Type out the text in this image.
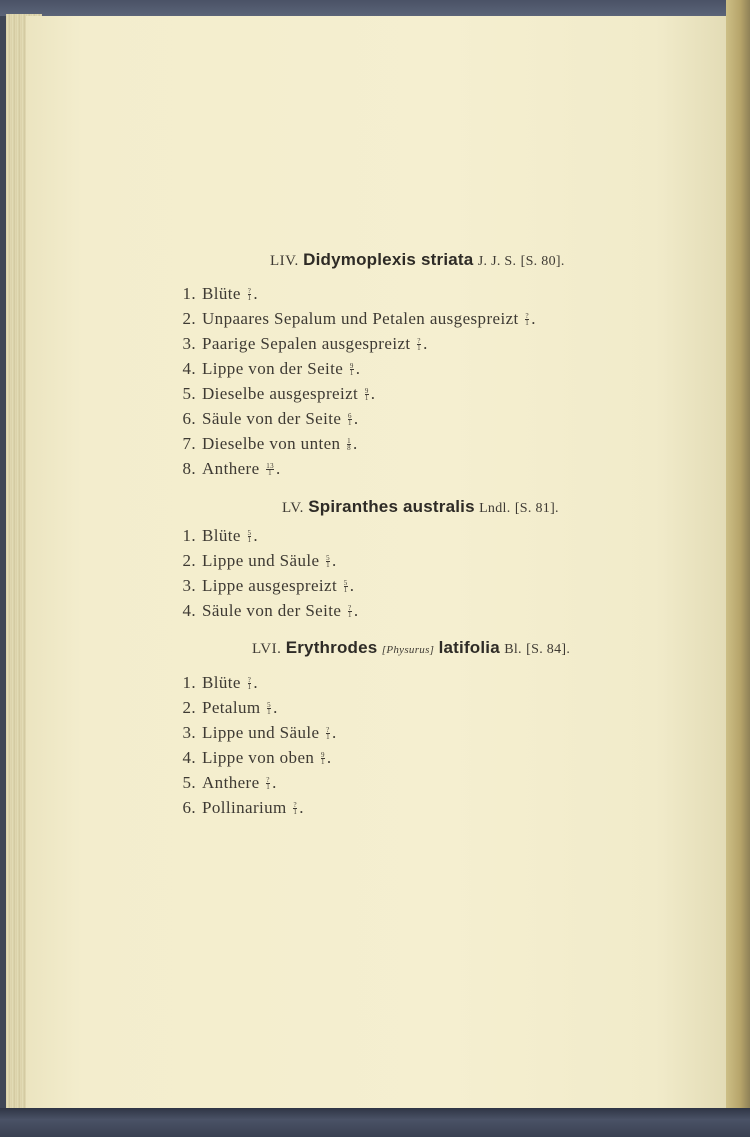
LIV. Didymoplexis striata J. J. S. [S. 80].
1. Blüte $\frac{?}{1}$ .
2. Unpaares Sepalum und Petalen ausgespreizt $\frac{?}{1}$ .
3. Paarige Sepalen ausgespreizt $\frac{?}{1}$ .
4. Lippe von der Seite $\frac{9}{1}$ .
5. Dieselbe ausgespreizt $\frac{9}{1}$ .
6. Säule von der Seite $\frac{6}{1}$ .
7. Dieselbe von unten $\frac{1}{8}$ .
8. Anthere $\frac{13}{1}$ .
LV. Spiranthes australis Lndl. [S. 81].
1. Blüte $\frac{5}{1}$ .
2. Lippe und Säule $\frac{5}{1}$ .
3. Lippe ausgespreizt $\frac{5}{1}$ .
4. Säule von der Seite $\frac{?}{1}$ .
LVI. Erythrodes [Physurus] latifolia Bl. [S. 84].
1. Blüte $\frac{?}{1}$ .
2. Petalum $\frac{5}{1}$ .
3. Lippe und Säule $\frac{?}{1}$ .
4. Lippe von oben $\frac{9}{1}$ .
5. Anthere $\frac{?}{1}$ .
6. Pollinarium $\frac{?}{1}$ .
